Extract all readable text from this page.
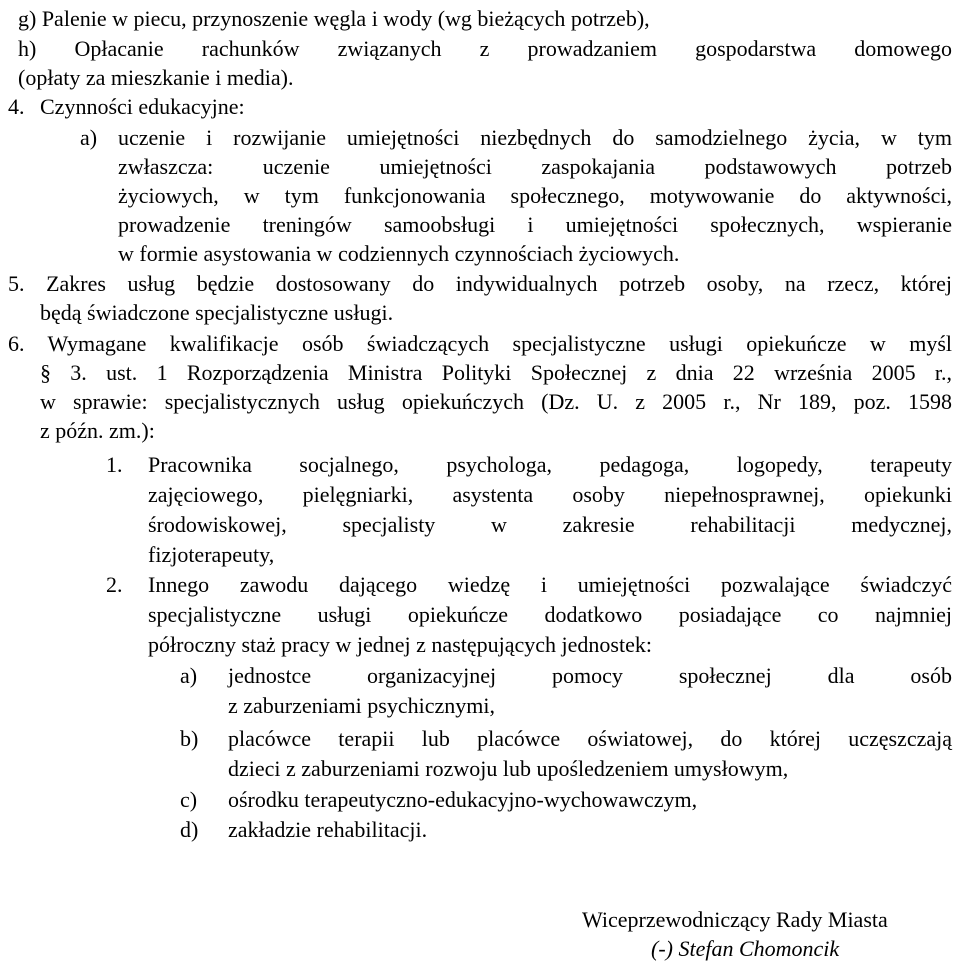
g) Palenie w piecu, przynoszenie węgla i wody (wg bieżących potrzeb),
h) Opłacanie rachunków związanych z prowadzaniem gospodarstwa domowego
(opłaty za mieszkanie i media).
4. Czynności edukacyjne:
a) uczenie i rozwijanie umiejętności niezbędnych do samodzielnego życia, w tym
zwłaszcza: uczenie umiejętności zaspokajania podstawowych potrzeb
życiowych, w tym funkcjonowania społecznego, motywowanie do aktywności,
prowadzenie treningów samoobsługi i umiejętności społecznych, wspieranie
w formie asystowania w codziennych czynnościach życiowych.
5. Zakres usług będzie dostosowany do indywidualnych potrzeb osoby, na rzecz, której
będą świadczone specjalistyczne usługi.
6. Wymagane kwalifikacje osób świadczących specjalistyczne usługi opiekuńcze w myśl
§ 3. ust. 1 Rozporządzenia Ministra Polityki Społecznej z dnia 22 września 2005 r.,
w sprawie: specjalistycznych usług opiekuńczych (Dz. U. z 2005 r., Nr 189, poz. 1598
z późn. zm.):
1. Pracownika socjalnego, psychologa, pedagoga, logopedy, terapeuty
zajęciowego, pielęgniarki, asystenta osoby niepełnosprawnej, opiekunki
środowiskowej, specjalisty w zakresie rehabilitacji medycznej,
fizjoterapeuty,
2. Innego zawodu dającego wiedzę i umiejętności pozwalające świadczyć
specjalistyczne usługi opiekuńcze dodatkowo posiadające co najmniej
półroczny staż pracy w jednej z następujących jednostek:
a) jednostce organizacyjnej pomocy społecznej dla osób
z zaburzeniami psychicznymi,
b) placówce terapii lub placówce oświatowej, do której uczęszczają
dzieci z zaburzeniami rozwoju lub upośledzeniem umysłowym,
c) ośrodku terapeutyczno-edukacyjno-wychowawczym,
d) zakładzie rehabilitacji.
Wiceprzewodniczący Rady Miasta
(-) Stefan Chomoncik
